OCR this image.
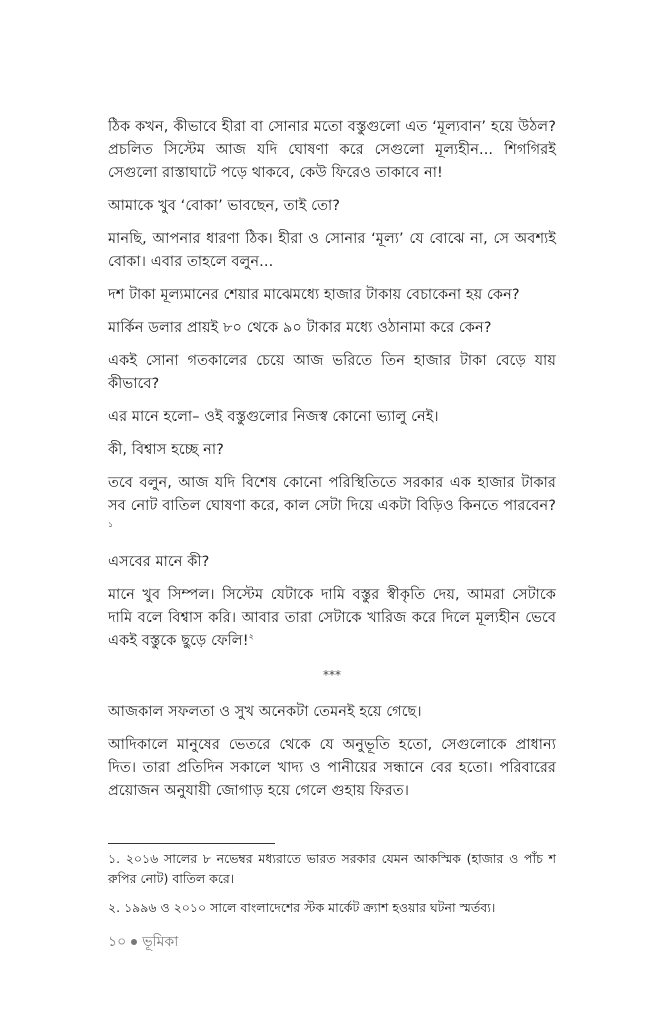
ঠিক কখন, কীভাবে হীরা বা সোনার মতো বস্তুগুলো এত ‘মূল্যবান’ হয়ে উঠল? প্রচলিত সিস্টেম আজ যদি ঘোষণা করে সেগুলো মূল্যহীন... শিগগিরই সেগুলো রাস্তাঘাটে পড়ে থাকবে, কেউ ফিরেও তাকাবে না!

আমাকে খুব ‘বোকা’ ভাবছেন, তাই তো?

মানছি, আপনার ধারণা ঠিক। হীরা ও সোনার ‘মূল্য’ যে বোঝে না, সে অবশ্যই বোকা। এবার তাহলে বলুন...

দশ টাকা মূল্যমানের শেয়ার মাঝেমধ্যে হাজার টাকায় বেচাকেনা হয় কেন?

মার্কিন ডলার প্রায়ই ৮০ থেকে ৯০ টাকার মধ্যে ওঠানামা করে কেন?

একই সোনা গতকালের চেয়ে আজ ভরিতে তিন হাজার টাকা বেড়ে যায় কীভাবে?

এর মানে হলো– ওই বস্তুগুলোর নিজস্ব কোনো ভ্যালু নেই।

কী, বিশ্বাস হচ্ছে না?

তবে বলুন, আজ যদি বিশেষ কোনো পরিস্থিতিতে সরকার এক হাজার টাকার সব নোট বাতিল ঘোষণা করে, কাল সেটা দিয়ে একটা বিড়িও কিনতে পারবেন?$^১$

এসবের মানে কী?

মানে খুব সিম্পল। সিস্টেম যেটাকে দামি বস্তুর স্বীকৃতি দেয়, আমরা সেটাকে দামি বলে বিশ্বাস করি। আবার তারা সেটাকে খারিজ করে দিলে মূল্যহীন ভেবে একই বস্তুকে ছুড়ে ফেলি!$^২$

***

আজকাল সফলতা ও সুখ অনেকটা তেমনই হয়ে গেছে।

আদিকালে মানুষের ভেতরে থেকে যে অনুভূতি হতো, সেগুলোকে প্রাধান্য দিত। তারা প্রতিদিন সকালে খাদ্য ও পানীয়ের সন্ধানে বের হতো। পরিবারের প্রয়োজন অনুযায়ী জোগাড় হয়ে গেলে গুহায় ফিরত।

১. ২০১৬ সালের ৮ নভেম্বর মধ্যরাতে ভারত সরকার যেমন আকস্মিক (হাজার ও পাঁচ শ রুপির নোট) বাতিল করে।

২. ১৯৯৬ ও ২০১০ সালে বাংলাদেশের স্টক মার্কেট ক্র্যাশ হওয়ার ঘটনা স্মর্তব্য।

১০ ভূমিকা
